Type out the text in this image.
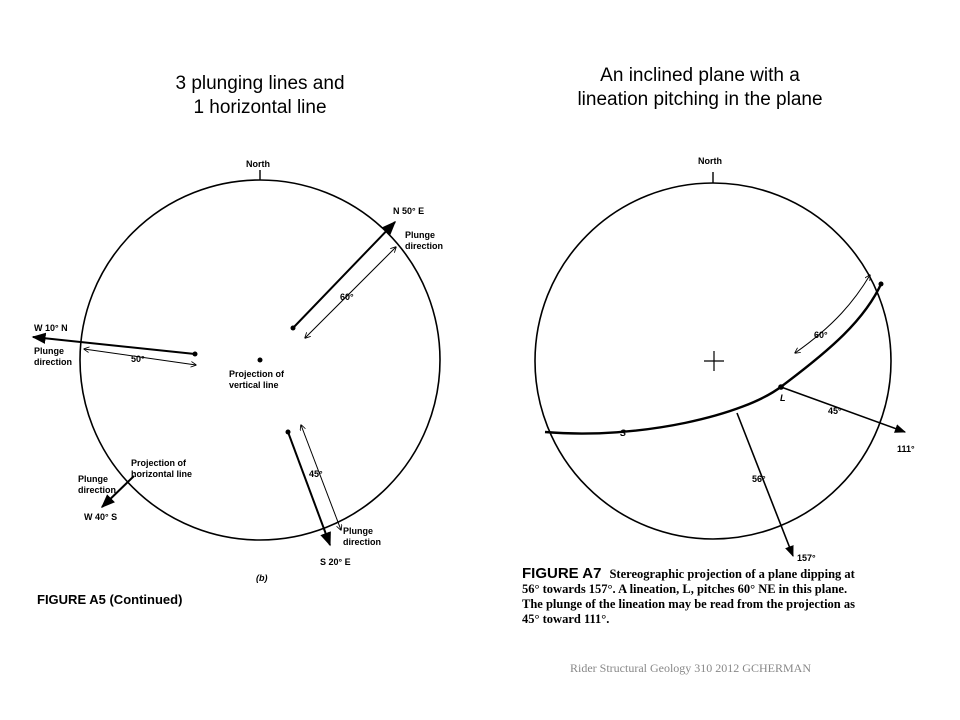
3 plunging lines and
1 horizontal line
An inclined plane with a
lineation pitching in the plane
North
60°
N 50° E
Plunge
direction
50°
W 10° N
Plunge
direction
Projection of
vertical line
Projection of
horizontal line
Plunge
direction
W 40° S
45°
Plunge
direction
S 20° E
(b)
FIGURE A5 (Continued)
North
S
L
60°
45°
111°
56°
157°
FIGURE A7 Stereographic projection of a plane dipping at
56° towards 157°. A lineation, L, pitches 60° NE in this plane.
The plunge of the lineation may be read from the projection as
45° toward 111°.
Rider Structural Geology 310 2012 GCHERMAN
